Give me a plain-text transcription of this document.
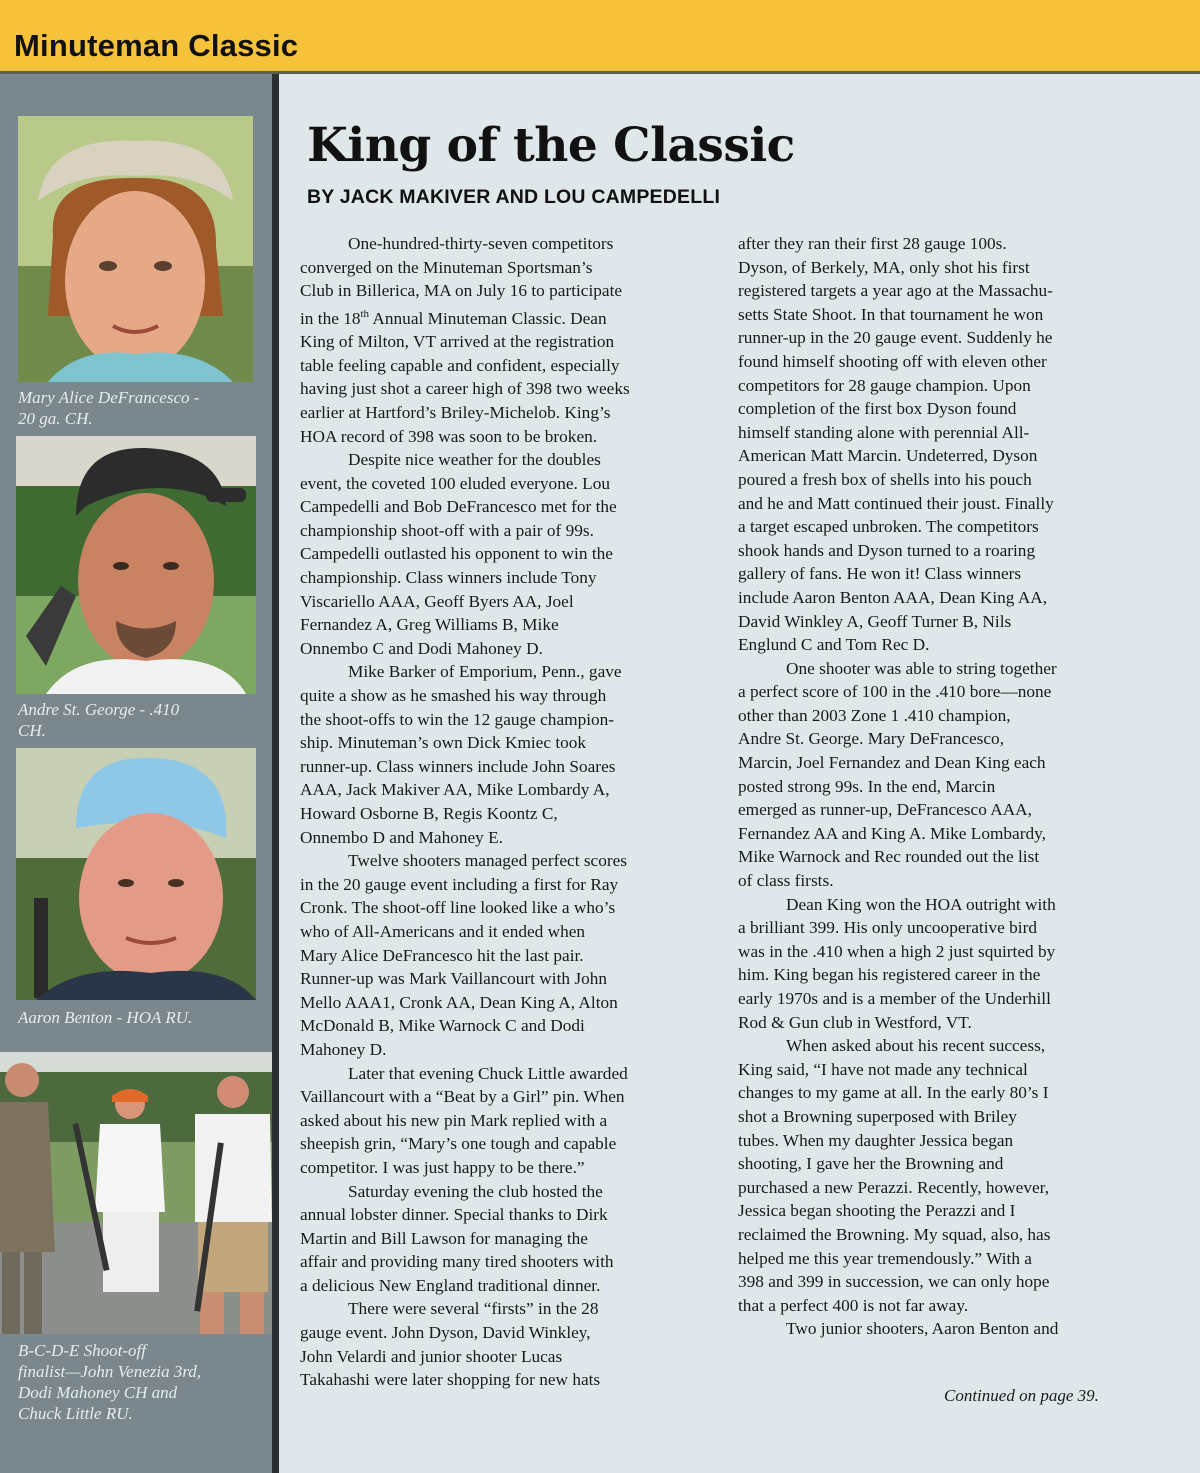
Minuteman Classic
Mary Alice DeFrancesco -
20 ga. CH.
Andre St. George - .410
CH.
Aaron Benton - HOA RU.
B-C-D-E Shoot-off
finalist—John Venezia 3rd,
Dodi Mahoney CH and
Chuck Little RU.
King of the Classic
BY JACK MAKIVER AND LOU CAMPEDELLI
One-hundred-thirty-seven competitors
converged on the Minuteman Sportsman’s
Club in Billerica, MA on July 16 to participate
in the 18th Annual Minuteman Classic. Dean
King of Milton, VT arrived at the registration
table feeling capable and confident, especially
having just shot a career high of 398 two weeks
earlier at Hartford’s Briley-Michelob. King’s
HOA record of 398 was soon to be broken.
Despite nice weather for the doubles
event, the coveted 100 eluded everyone. Lou
Campedelli and Bob DeFrancesco met for the
championship shoot-off with a pair of 99s.
Campedelli outlasted his opponent to win the
championship. Class winners include Tony
Viscariello AAA, Geoff Byers AA, Joel
Fernandez A, Greg Williams B, Mike
Onnembo C and Dodi Mahoney D.
Mike Barker of Emporium, Penn., gave
quite a show as he smashed his way through
the shoot-offs to win the 12 gauge champion-
ship. Minuteman’s own Dick Kmiec took
runner-up. Class winners include John Soares
AAA, Jack Makiver AA, Mike Lombardy A,
Howard Osborne B, Regis Koontz C,
Onnembo D and Mahoney E.
Twelve shooters managed perfect scores
in the 20 gauge event including a first for Ray
Cronk. The shoot-off line looked like a who’s
who of All-Americans and it ended when
Mary Alice DeFrancesco hit the last pair.
Runner-up was Mark Vaillancourt with John
Mello AAA1, Cronk AA, Dean King A, Alton
McDonald B, Mike Warnock C and Dodi
Mahoney D.
Later that evening Chuck Little awarded
Vaillancourt with a “Beat by a Girl” pin. When
asked about his new pin Mark replied with a
sheepish grin, “Mary’s one tough and capable
competitor. I was just happy to be there.”
Saturday evening the club hosted the
annual lobster dinner. Special thanks to Dirk
Martin and Bill Lawson for managing the
affair and providing many tired shooters with
a delicious New England traditional dinner.
There were several “firsts” in the 28
gauge event. John Dyson, David Winkley,
John Velardi and junior shooter Lucas
Takahashi were later shopping for new hats
after they ran their first 28 gauge 100s.
Dyson, of Berkely, MA, only shot his first
registered targets a year ago at the Massachu-
setts State Shoot. In that tournament he won
runner-up in the 20 gauge event. Suddenly he
found himself shooting off with eleven other
competitors for 28 gauge champion. Upon
completion of the first box Dyson found
himself standing alone with perennial All-
American Matt Marcin. Undeterred, Dyson
poured a fresh box of shells into his pouch
and he and Matt continued their joust. Finally
a target escaped unbroken. The competitors
shook hands and Dyson turned to a roaring
gallery of fans. He won it! Class winners
include Aaron Benton AAA, Dean King AA,
David Winkley A, Geoff Turner B, Nils
Englund C and Tom Rec D.
One shooter was able to string together
a perfect score of 100 in the .410 bore—none
other than 2003 Zone 1 .410 champion,
Andre St. George. Mary DeFrancesco,
Marcin, Joel Fernandez and Dean King each
posted strong 99s. In the end, Marcin
emerged as runner-up, DeFrancesco AAA,
Fernandez AA and King A. Mike Lombardy,
Mike Warnock and Rec rounded out the list
of class firsts.
Dean King won the HOA outright with
a brilliant 399. His only uncooperative bird
was in the .410 when a high 2 just squirted by
him. King began his registered career in the
early 1970s and is a member of the Underhill
Rod & Gun club in Westford, VT.
When asked about his recent success,
King said, “I have not made any technical
changes to my game at all. In the early 80’s I
shot a Browning superposed with Briley
tubes. When my daughter Jessica began
shooting, I gave her the Browning and
purchased a new Perazzi. Recently, however,
Jessica began shooting the Perazzi and I
reclaimed the Browning. My squad, also, has
helped me this year tremendously.” With a
398 and 399 in succession, we can only hope
that a perfect 400 is not far away.
Two junior shooters, Aaron Benton and
Continued on page 39.
